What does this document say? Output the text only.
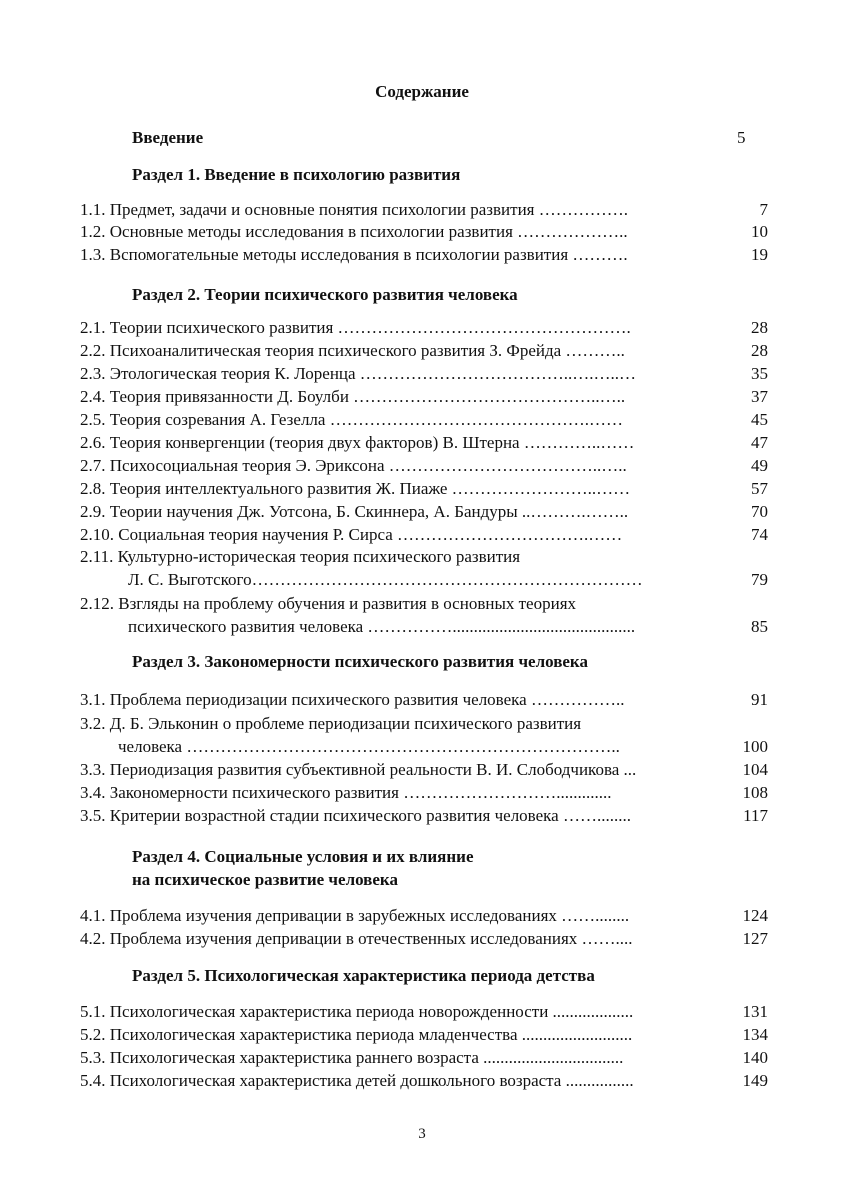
Содержание
Введение	5
Раздел 1. Введение в психологию развития
1.1. Предмет, задачи и основные понятия психологии развития …………….	7
1.2. Основные методы исследования в психологии развития ………………..	10
1.3. Вспомогательные методы исследования в психологии развития ……….	19
Раздел 2. Теории психического развития человека
2.1. Теории психического развития …………………………………………….	28
2.2. Психоаналитическая теория психического развития З. Фрейда ………..	28
2.3. Этологическая теория К. Лоренца ………………………………..….…..…	35
2.4. Теория привязанности Д. Боулби ……………………………………..…..	37
2.5. Теория созревания А. Гезелла ……………………………………….……	45
2.6. Теория конвергенции (теория двух факторов) В. Штерна …………..……	47
2.7. Психосоциальная теория Э. Эриксона ………………………………..…..	49
2.8. Теория интеллектуального развития Ж. Пиаже ……………………..……	57
2.9. Теории научения Дж. Уотсона, Б. Скиннера, А. Бандуры ..……….……..	70
2.10. Социальная теория научения Р. Сирса …………………………….……	74
2.11. Культурно-историческая теория психического развития
Л. С. Выготского……………………………………………………………	79
2.12. Взгляды на проблему обучения и развития в основных теориях
психического развития человека ……………...........................................	85
Раздел 3. Закономерности психического развития человека
3.1. Проблема периодизации психического развития человека ……………..	91
3.2. Д. Б. Эльконин о проблеме периодизации психического развития
человека …………………………………………………………………..	100
3.3. Периодизация развития субъективной реальности В. И. Слободчикова ...	104
3.4. Закономерности психического развития ……………………….............	108
3.5. Критерии возрастной стадии психического развития человека ……........	117
Раздел 4. Социальные условия и их влияние
на психическое развитие человека
4.1. Проблема изучения депривации в зарубежных исследованиях ……........	124
4.2. Проблема изучения депривации в отечественных исследованиях ……....	127
Раздел 5. Психологическая характеристика периода детства
5.1. Психологическая характеристика периода новорожденности ...................	131
5.2. Психологическая характеристика периода младенчества ..........................	134
5.3. Психологическая характеристика раннего возраста .................................	140
5.4. Психологическая характеристика детей дошкольного возраста ................	149
3
